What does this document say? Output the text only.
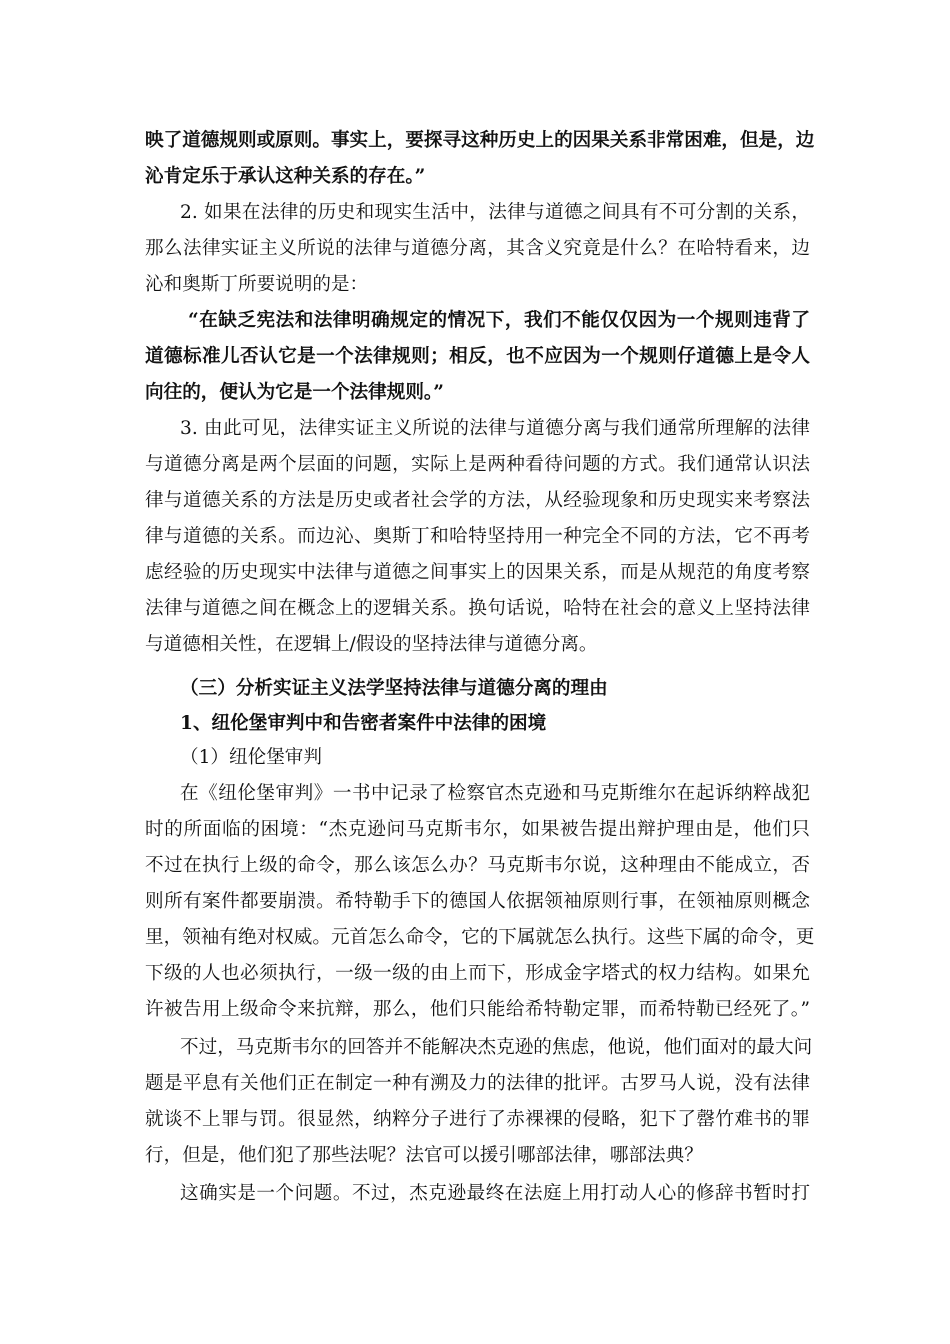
映了道德规则或原则。事实上，要探寻这种历史上的因果关系非常困难，但是，边
沁肯定乐于承认这种关系的存在。”
2. 如果在法律的历史和现实生活中，法律与道德之间具有不可分割的关系，
那么法律实证主义所说的法律与道德分离，其含义究竟是什么？在哈特看来，边
沁和奥斯丁所要说明的是：
“在缺乏宪法和法律明确规定的情况下，我们不能仅仅因为一个规则违背了
道德标准儿否认它是一个法律规则；相反，也不应因为一个规则仔道德上是令人
向往的，便认为它是一个法律规则。”
3. 由此可见，法律实证主义所说的法律与道德分离与我们通常所理解的法律
与道德分离是两个层面的问题，实际上是两种看待问题的方式。我们通常认识法
律与道德关系的方法是历史或者社会学的方法，从经验现象和历史现实来考察法
律与道德的关系。而边沁、奥斯丁和哈特坚持用一种完全不同的方法，它不再考
虑经验的历史现实中法律与道德之间事实上的因果关系，而是从规范的角度考察
法律与道德之间在概念上的逻辑关系。换句话说，哈特在社会的意义上坚持法律
与道德相关性，在逻辑上/假设的坚持法律与道德分离。
（三）分析实证主义法学坚持法律与道德分离的理由
1、纽伦堡审判中和告密者案件中法律的困境
（1）纽伦堡审判
在《纽伦堡审判》一书中记录了检察官杰克逊和马克斯维尔在起诉纳粹战犯
时的所面临的困境：“杰克逊问马克斯韦尔，如果被告提出辩护理由是，他们只
不过在执行上级的命令，那么该怎么办？马克斯韦尔说，这种理由不能成立，否
则所有案件都要崩溃。希特勒手下的德国人依据领袖原则行事，在领袖原则概念
里，领袖有绝对权威。元首怎么命令，它的下属就怎么执行。这些下属的命令，更
下级的人也必须执行，一级一级的由上而下，形成金字塔式的权力结构。如果允
许被告用上级命令来抗辩，那么，他们只能给希特勒定罪，而希特勒已经死了。”
不过，马克斯韦尔的回答并不能解决杰克逊的焦虑，他说，他们面对的最大问
题是平息有关他们正在制定一种有溯及力的法律的批评。古罗马人说，没有法律
就谈不上罪与罚。很显然，纳粹分子进行了赤裸裸的侵略，犯下了罄竹难书的罪
行，但是，他们犯了那些法呢？法官可以援引哪部法律，哪部法典？
这确实是一个问题。不过，杰克逊最终在法庭上用打动人心的修辞书暂时打
